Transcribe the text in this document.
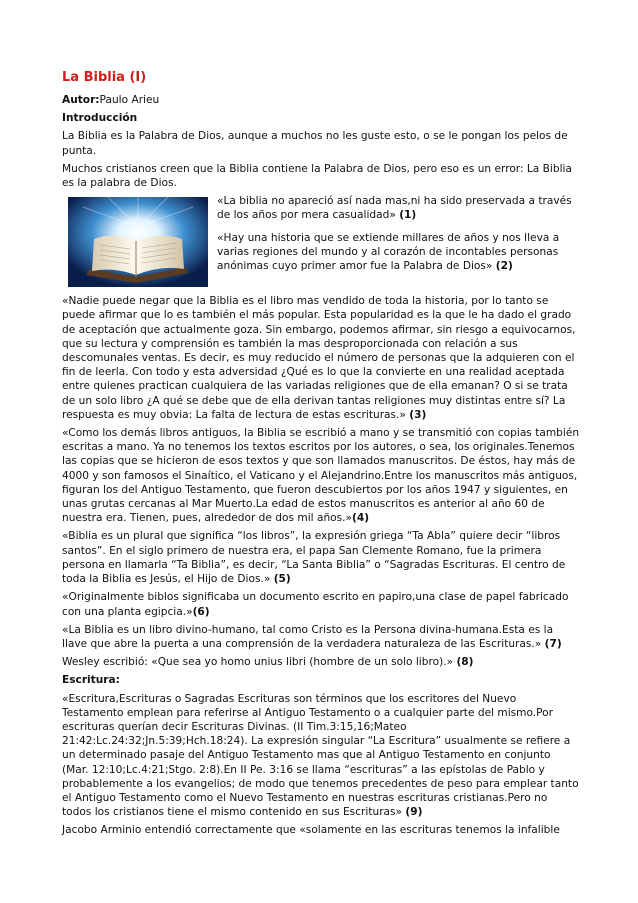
La Biblia (I)

Autor:Paulo Arieu

Introducción

La Biblia es la Palabra de Dios, aunque a muchos no les guste esto, o se le pongan los pelos de punta.

Muchos cristianos creen que la Biblia contiene la Palabra de Dios, pero eso es un error: La Biblia es la palabra de Dios.

«La biblia no apareció así nada mas,ni ha sido preservada a través de los años por mera casualidad» (1)

«Hay una historia que se extiende millares de años y nos lleva a varias regiones del mundo y al corazón de incontables personas anónimas cuyo primer amor fue la Palabra de Dios» (2)

«Nadie puede negar que la Biblia es el libro mas vendido de toda la historia, por lo tanto se puede afirmar que lo es también el más popular. Esta popularidad es la que le ha dado el grado de aceptación que actualmente goza. Sin embargo, podemos afirmar, sin riesgo a equivocarnos, que su lectura y comprensión es también la mas desproporcionada con relación a sus descomunales ventas. Es decir, es muy reducido el número de personas que la adquieren con el fin de leerla. Con todo y esta adversidad ¿Qué es lo que la convierte en una realidad aceptada entre quienes practican cualquiera de las variadas religiones que de ella emanan? O si se trata de un solo libro ¿A qué se debe que de ella derivan tantas religiones muy distintas entre sí? La respuesta es muy obvia: La falta de lectura de estas escrituras.» (3)

«Como los demás libros antiguos, la Biblia se escribió a mano y se transmitió con copias también escritas a mano. Ya no tenemos los textos escritos por los autores, o sea, los originales.Tenemos las copias que se hicieron de esos textos y que son llamados manuscritos. De éstos, hay más de 4000 y son famosos el Sinaítico, el Vaticano y el Alejandrino.Entre los manuscritos más antiguos, figuran los del Antiguo Testamento, que fueron descubiertos por los años 1947 y siguientes, en unas grutas cercanas al Mar Muerto.La edad de estos manuscritos es anterior al año 60 de nuestra era. Tienen, pues, alrededor de dos mil años.»(4)

«Biblia es un plural que significa “los libros”, la expresión griega “Ta Abla” quiere decir “libros santos”. En el siglo primero de nuestra era, el papa San Clemente Romano, fue la primera persona en llamarla “Ta Biblia”, es decir, “La Santa Biblia” o “Sagradas Escrituras. El centro de toda la Biblia es Jesús, el Hijo de Dios.» (5)

«Originalmente biblos significaba un documento escrito en papiro,una clase de papel fabricado con una planta egipcia.»(6)

«La Biblia es un libro divino-humano, tal como Cristo es la Persona divina-humana.Esta es la llave que abre la puerta a una comprensión de la verdadera naturaleza de las Escrituras.» (7)

Wesley escribió: «Que sea yo homo unius libri (hombre de un solo libro).» (8)

Escritura:

«Escritura,Escrituras o Sagradas Escrituras son términos que los escritores del Nuevo Testamento emplean para referirse al Antiguo Testamento o a cualquier parte del mismo.Por escrituras querían decir Escrituras Divinas. (II Tim.3:15,16;Mateo 21:42:Lc.24:32;Jn.5:39;Hch.18:24). La expresión singular “La Escritura” usualmente se refiere a un determinado pasaje del Antiguo Testamento mas que al Antiguo Testamento en conjunto (Mar. 12:10;Lc.4:21;Stgo. 2:8).En II Pe. 3:16 se llama “escrituras” a las epístolas de Pablo y probablemente a los evangelios; de modo que tenemos precedentes de peso para emplear tanto el Antiguo Testamento como el Nuevo Testamento en nuestras escrituras cristianas.Pero no todos los cristianos tiene el mismo contenido en sus Escrituras» (9)

Jacobo Arminio entendió correctamente que «solamente en las escrituras tenemos la infalible
